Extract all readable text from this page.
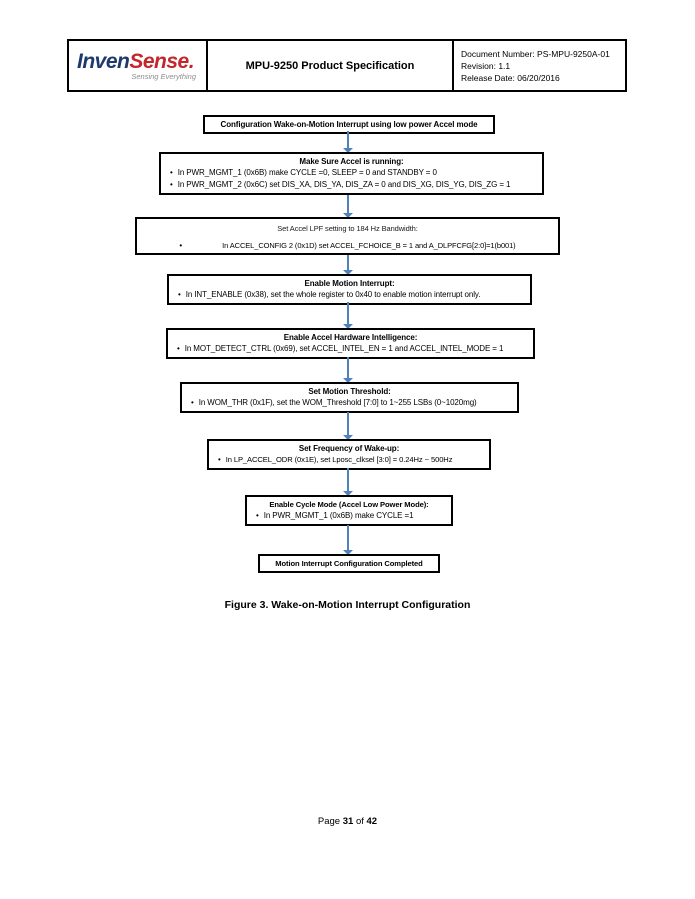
InvenSense.
Sensing Everything
MPU-9250 Product Specification
Document Number: PS-MPU-9250A-01
Revision: 1.1
Release Date: 06/20/2016
Configuration Wake-on-Motion Interrupt using low power Accel mode
Make Sure Accel is running:
• In PWR_MGMT_1 (0x6B) make CYCLE =0, SLEEP = 0 and STANDBY = 0
• In PWR_MGMT_2 (0x6C) set DIS_XA, DIS_YA, DIS_ZA = 0 and DIS_XG, DIS_YG, DIS_ZG = 1
Set Accel LPF setting to 184 Hz Bandwidth:
• In ACCEL_CONFIG 2 (0x1D) set ACCEL_FCHOICE_B = 1 and A_DLPFCFG[2:0]=1(b001)
Enable Motion Interrupt:
• In INT_ENABLE (0x38), set the whole register to 0x40 to enable motion interrupt only.
Enable Accel Hardware Intelligence:
• In MOT_DETECT_CTRL (0x69), set ACCEL_INTEL_EN = 1 and ACCEL_INTEL_MODE = 1
Set Motion Threshold:
• In WOM_THR (0x1F), set the WOM_Threshold [7:0] to 1~255 LSBs (0~1020mg)
Set Frequency of Wake-up:
• In LP_ACCEL_ODR (0x1E), set Lposc_clksel [3:0] = 0.24Hz ~ 500Hz
Enable Cycle Mode (Accel Low Power Mode):
• In PWR_MGMT_1 (0x6B) make CYCLE =1
Motion Interrupt Configuration Completed
Figure 3. Wake-on-Motion Interrupt Configuration
Page 31 of 42
